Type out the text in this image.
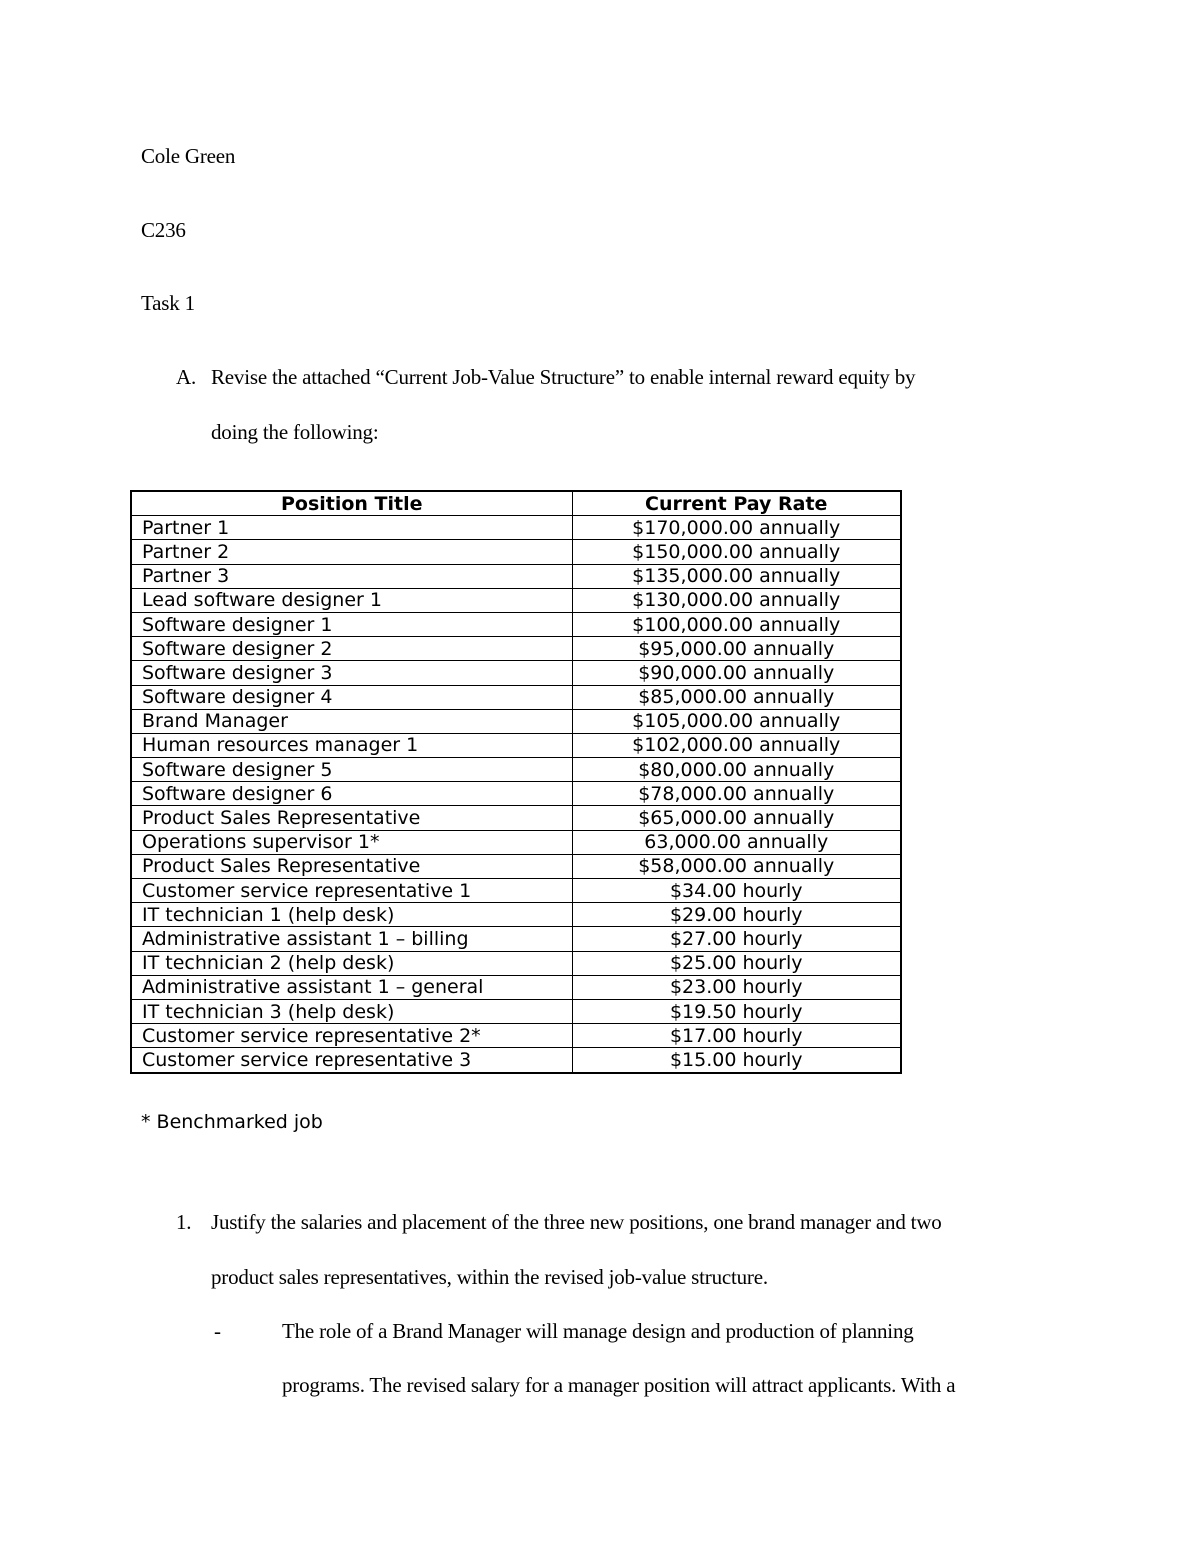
Cole Green
C236
Task 1
A. Revise the attached “Current Job-Value Structure” to enable internal reward equity by
doing the following:
Position Title	Current Pay Rate
Partner 1	$170,000.00 annually
Partner 2	$150,000.00 annually
Partner 3	$135,000.00 annually
Lead software designer 1	$130,000.00 annually
Software designer 1	$100,000.00 annually
Software designer 2	$95,000.00 annually
Software designer 3	$90,000.00 annually
Software designer 4	$85,000.00 annually
Brand Manager	$105,000.00 annually
Human resources manager 1	$102,000.00 annually
Software designer 5	$80,000.00 annually
Software designer 6	$78,000.00 annually
Product Sales Representative	$65,000.00 annually
Operations supervisor 1*	63,000.00 annually
Product Sales Representative	$58,000.00 annually
Customer service representative 1	$34.00 hourly
IT technician 1 (help desk)	$29.00 hourly
Administrative assistant 1 – billing	$27.00 hourly
IT technician 2 (help desk)	$25.00 hourly
Administrative assistant 1 – general	$23.00 hourly
IT technician 3 (help desk)	$19.50 hourly
Customer service representative 2*	$17.00 hourly
Customer service representative 3	$15.00 hourly
* Benchmarked job
1. Justify the salaries and placement of the three new positions, one brand manager and two
product sales representatives, within the revised job-value structure.
-	The role of a Brand Manager will manage design and production of planning
programs. The revised salary for a manager position will attract applicants. With a
